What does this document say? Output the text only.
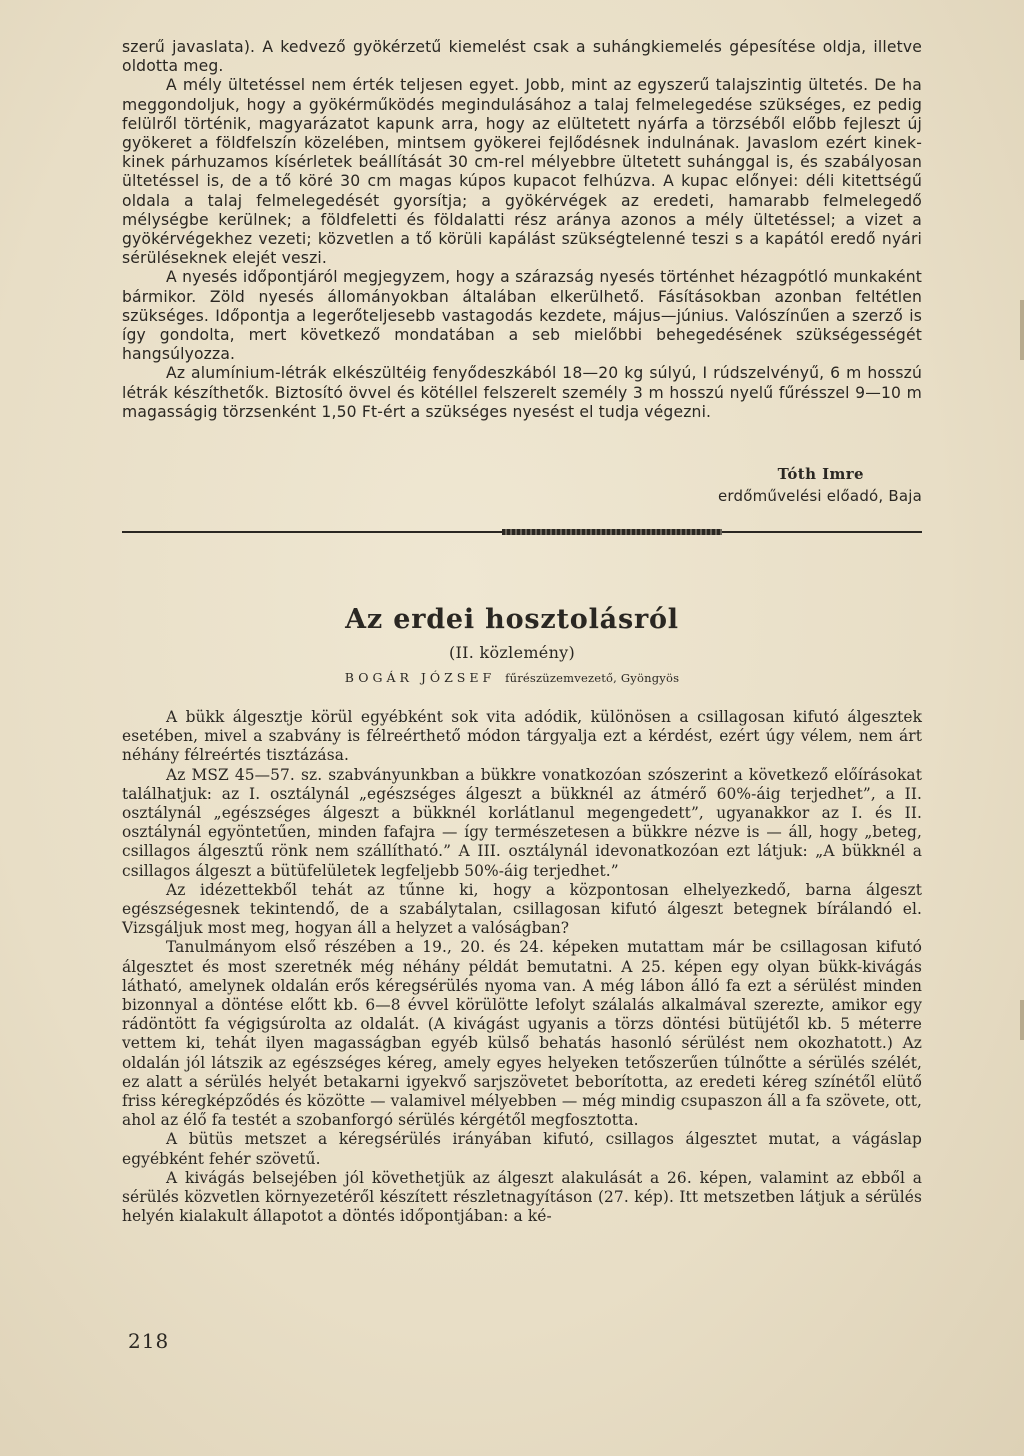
szerű javaslata). A kedvező gyökérzetű kiemelést csak a suhángkiemelés gépesítése oldja, illetve oldotta meg.

A mély ültetéssel nem érték teljesen egyet. Jobb, mint az egyszerű talajszintig ültetés. De ha meggondoljuk, hogy a gyökérműködés megindulásához a talaj felmelegedése szükséges, ez pedig felülről történik, magyarázatot kapunk arra, hogy az elültetett nyárfa a törzséből előbb fejleszt új gyökeret a földfelszín közelében, mintsem gyökerei fejlődésnek indulnának. Javaslom ezért kinek-kinek párhuzamos kísérletek beállítását 30 cm-rel mélyebbre ültetett suhánggal is, és szabályosan ültetéssel is, de a tő köré 30 cm magas kúpos kupacot felhúzva. A kupac előnyei: déli kitettségű oldala a talaj felmelegedését gyorsítja; a gyökérvégek az eredeti, hamarabb felmelegedő mélységbe kerülnek; a földfeletti és földalatti rész aránya azonos a mély ültetéssel; a vizet a gyökérvégekhez vezeti; közvetlen a tő körüli kapálást szükségtelenné teszi s a kapától eredő nyári sérüléseknek elejét veszi.

A nyesés időpontjáról megjegyzem, hogy a szárazság nyesés történhet hézagpótló munkaként bármikor. Zöld nyesés állományokban általában elkerülhető. Fásításokban azonban feltétlen szükséges. Időpontja a legerőteljesebb vastagodás kezdete, május—június. Valószínűen a szerző is így gondolta, mert következő mondatában a seb mielőbbi behegedésének szükségességét hangsúlyozza.

Az alumínium-létrák elkészültéig fenyődeszkából 18—20 kg súlyú, I rúdszelvényű, 6 m hosszú létrák készíthetők. Biztosító övvel és kötéllel felszerelt személy 3 m hosszú nyelű fűrésszel 9—10 m magasságig törzsenként 1,50 Ft-ért a szükséges nyesést el tudja végezni.

Tóth Imre
erdőművelési előadó, Baja
Az erdei hosztolásról
(II. közlemény)
BOGÁR JÓZSEF fűrészüzemvezető, Gyöngyös

A bükk álgesztje körül egyébként sok vita adódik, különösen a csillagosan kifutó álgesztek esetében, mivel a szabvány is félreérthető módon tárgyalja ezt a kérdést, ezért úgy vélem, nem árt néhány félreértés tisztázása.

Az MSZ 45—57. sz. szabványunkban a bükkre vonatkozóan szószerint a következő előírásokat találhatjuk: az I. osztálynál „egészséges álgeszt a bükknél az átmérő 60%-áig terjedhet”, a II. osztálynál „egészséges álgeszt a bükknél korlátlanul megengedett”, ugyanakkor az I. és II. osztálynál egyöntetűen, minden fafajra — így természetesen a bükkre nézve is — áll, hogy „beteg, csillagos álgesztű rönk nem szállítható.” A III. osztálynál idevonatkozóan ezt látjuk: „A bükknél a csillagos álgeszt a bütüfelületek legfeljebb 50%-áig terjedhet.”

Az idézettekből tehát az tűnne ki, hogy a központosan elhelyezkedő, barna álgeszt egészségesnek tekintendő, de a szabálytalan, csillagosan kifutó álgeszt betegnek bírálandó el. Vizsgáljuk most meg, hogyan áll a helyzet a valóságban?

Tanulmányom első részében a 19., 20. és 24. képeken mutattam már be csillagosan kifutó álgesztet és most szeretnék még néhány példát bemutatni. A 25. képen egy olyan bükk-kivágás látható, amelynek oldalán erős kéregsérülés nyoma van. A még lábon álló fa ezt a sérülést minden bizonnyal a döntése előtt kb. 6—8 évvel körülötte lefolyt szálalás alkalmával szerezte, amikor egy rádöntött fa végigsúrolta az oldalát. (A kivágást ugyanis a törzs döntési bütüjétől kb. 5 méterre vettem ki, tehát ilyen magasságban egyéb külső behatás hasonló sérülést nem okozhatott.) Az oldalán jól látszik az egészséges kéreg, amely egyes helyeken tetőszerűen túlnőtte a sérülés szélét, ez alatt a sérülés helyét betakarni igyekvő sarjszövetet beborította, az eredeti kéreg színétől elütő friss kéregképződés és közötte — valamivel mélyebben — még mindig csupaszon áll a fa szövete, ott, ahol az élő fa testét a szobanforgó sérülés kérgétől megfosztotta.

A bütüs metszet a kéregsérülés irányában kifutó, csillagos álgesztet mutat, a vágáslap egyébként fehér szövetű.

A kivágás belsejében jól követhetjük az álgeszt alakulását a 26. képen, valamint az ebből a sérülés közvetlen környezetéről készített részletnagyításon (27. kép). Itt metszetben látjuk a sérülés helyén kialakult állapotot a döntés időpontjában: a ké-

218
